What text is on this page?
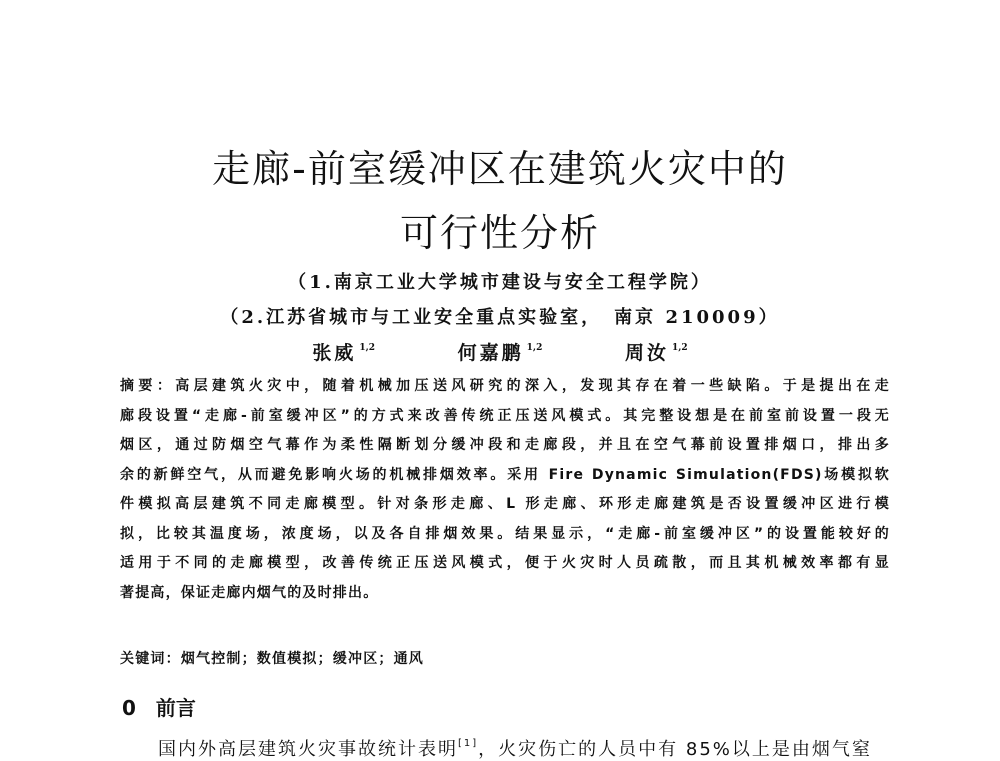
走廊-前室缓冲区在建筑火灾中的
可行性分析
（1.南京工业大学城市建设与安全工程学院）
（2.江苏省城市与工业安全重点实验室，　南京 210009）
张威 $^{1,2}$	何嘉鹏 $^{1,2}$	周汝 $^{1,2}$
摘要：高层建筑火灾中，随着机械加压送风研究的深入，发现其存在着一些缺陷。于是提出在走
廊段设置“走廊-前室缓冲区”的方式来改善传统正压送风模式。其完整设想是在前室前设置一段无
烟区，通过防烟空气幕作为柔性隔断划分缓冲段和走廊段，并且在空气幕前设置排烟口，排出多
余的新鲜空气，从而避免影响火场的机械排烟效率。采用 Fire Dynamic Simulation(FDS)场模拟软
件模拟高层建筑不同走廊模型。针对条形走廊、L 形走廊、环形走廊建筑是否设置缓冲区进行模
拟，比较其温度场，浓度场，以及各自排烟效果。结果显示，“走廊-前室缓冲区”的设置能较好的
适用于不同的走廊模型，改善传统正压送风模式，便于火灾时人员疏散，而且其机械效率都有显
著提高，保证走廊内烟气的及时排出。
关键词：烟气控制；数值模拟；缓冲区；通风
0 前言
国内外高层建筑火灾事故统计表明[1]，火灾伤亡的人员中有 85%以上是由烟气窒
